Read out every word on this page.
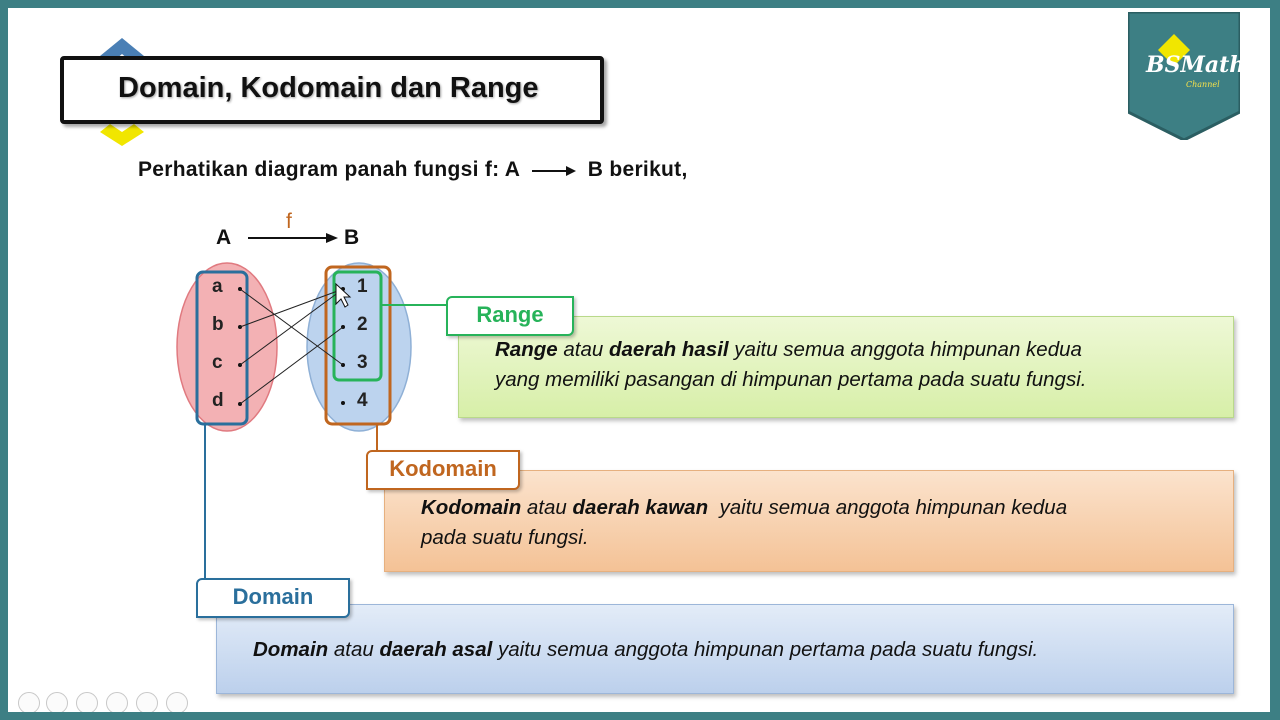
Domain, Kodomain dan Range
BSMath
Channel
Perhatikan diagram panah fungsi f: A	B berikut,
A	B
f
a
b
c
d
1
2
3
4
Range atau daerah hasil yaitu semua anggota himpunan kedua
yang memiliki pasangan di himpunan pertama pada suatu fungsi.
Range
Kodomain atau daerah kawan  yaitu semua anggota himpunan kedua
pada suatu fungsi.
Kodomain
Domain atau daerah asal yaitu semua anggota himpunan pertama pada suatu fungsi.
Domain
